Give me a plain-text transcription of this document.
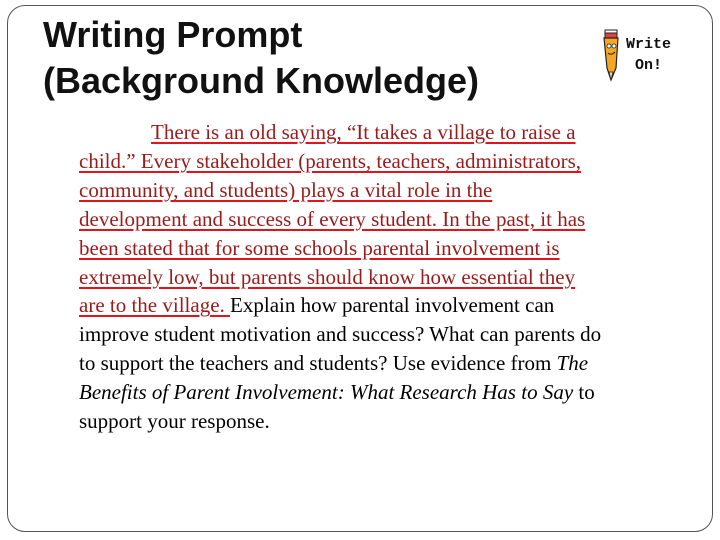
Writing Prompt
(Background Knowledge)
Write
On!
There is an old saying, “It takes a village to raise a
child.” Every stakeholder (parents, teachers, administrators,
community, and students) plays a vital role in the
development and success of every student. In the past, it has
been stated that for some schools parental involvement is
extremely low, but parents should know how essential they
are to the village. Explain how parental involvement can
improve student motivation and success? What can parents do
to support the teachers and students? Use evidence from The
Benefits of Parent Involvement: What Research Has to Say to
support your response.
